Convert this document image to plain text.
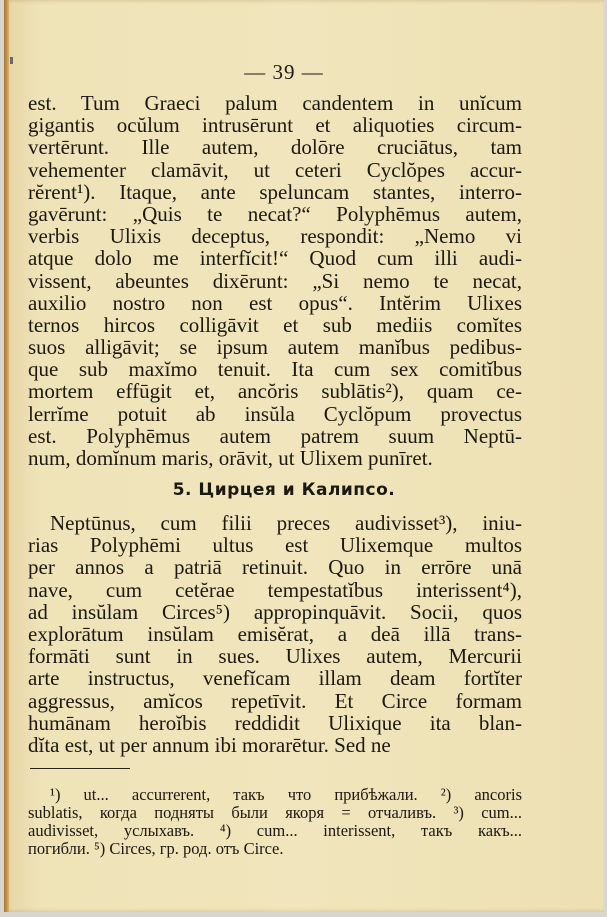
— 39 —
est. Tum Graeci palum candentem in unĭcum
gigantis ocŭlum intrusērunt et aliquoties circum-
vertērunt. Ille autem, dolōre cruciātus, tam
vehementer clamāvit, ut ceteri Cyclŏpes accur-
rĕrent¹). Itaque, ante speluncam stantes, interro-
gavērunt: „Quis te necat?“ Polyphēmus autem,
verbis Ulixis deceptus, respondit: „Nemo vi
atque dolo me interfĭcit!“ Quod cum illi audi-
vissent, abeuntes dixērunt: „Si nemo te necat,
auxilio nostro non est opus“. Intĕrim Ulixes
ternos hircos colligāvit et sub mediis comĭtes
suos alligāvit; se ipsum autem manĭbus pedibus-
que sub maxĭmo tenuit. Ita cum sex comitĭbus
mortem effūgit et, ancŏris sublātis²), quam ce-
lerrĭme potuit ab insŭla Cyclŏpum provectus
est. Polyphēmus autem patrem suum Neptū-
num, domĭnum maris, orāvit, ut Ulixem punīret.
5. Цирцея и Калипсо.
Neptūnus, cum filii preces audivisset³), iniu-
rias Polyphēmi ultus est Ulixemque multos
per annos a patriā retinuit. Quo in errōre unā
nave, cum cetĕrae tempestatĭbus interissent⁴),
ad insŭlam Circes⁵) appropinquāvit. Socii, quos
explorātum insŭlam emisĕrat, a deā illā trans-
formāti sunt in sues. Ulixes autem, Mercurii
arte instructus, venefĭcam illam deam fortĭter
aggressus, amĭcos repetīvit. Et Circe formam
humānam heroĭbis reddidit Ulixique ita blan-
dĭta est, ut per annum ibi morarētur. Sed ne
¹) ut... accurrerent, такъ что прибѣжали. ²) ancoris
sublatis, когда подняты были якоря = отчаливъ. ³) cum...
audivisset, услыхавъ. ⁴) cum... interissent, такъ какъ...
погибли. ⁵) Circes, гр. род. отъ Circe.
